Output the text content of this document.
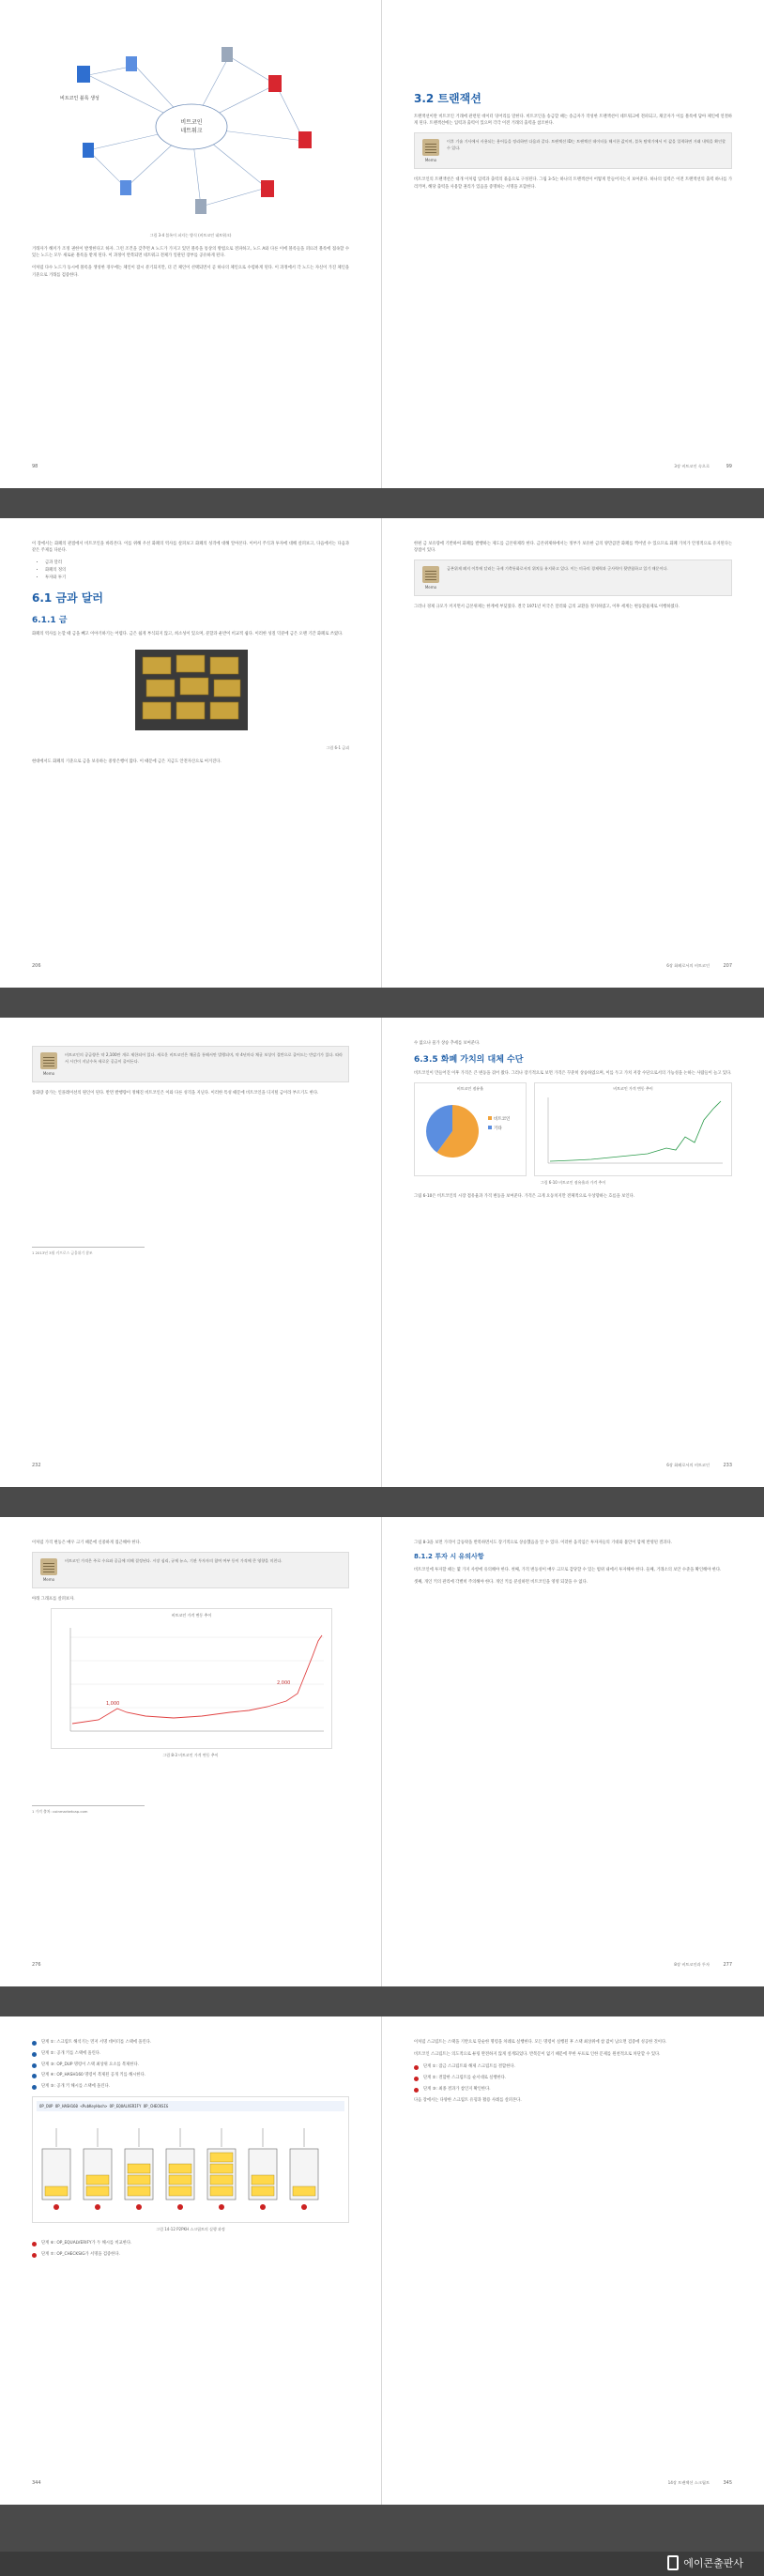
비트코인
네트워크
비트코인 블록 생성
그림 3-4 블록이 퍼지는 방식 (비트코인 네트워크)

거래자가 해커가 조정 권한이 발생한다고 하자. 그런 조건을 갖추면 A 노드가 가지고 있던 블록을 통상의 방법으로 전파하고, 노드 A와 다른 이에 블록들을 퍼뜨려 블록에 접속할 수 있는 노드는 모두 새로운 블록을 받게 된다. 이 과정이 반복되면 네트워크 전체가 일관된 장부를 공유하게 된다.

이처럼 다수 노드가 동시에 블록을 생성한 경우에는 체인이 잠시 분기되지만, 더 긴 체인이 선택되면서 곧 하나의 체인으로 수렴하게 된다. 이 과정에서 각 노드는 자신이 가진 체인을 기준으로 거래를 검증한다.

98
3.2 트랜잭션

트랜잭션이란 비트코인 거래에 관련된 데이터 덩어리를 말한다. 비트코인을 송금할 때는 송금자가 작성한 트랜잭션이 네트워크에 전파되고, 채굴자가 이를 블록에 담아 체인에 연결하게 된다. 트랜잭션에는 입력과 출력이 있으며 각각 이전 거래의 출력을 참조한다.

Memo
이후 기술 기사에서 사용되는 용어들을 정리하면 다음과 같다. 트랜잭션 ID는 트랜잭션 데이터를 해시한 값이며, 블록 탐색기에서 이 값을 입력하면 거래 내역을 확인할 수 있다.

비트코인의 트랜잭션은 대개 이처럼 입력과 출력의 묶음으로 구성된다. 그림 3-5는 하나의 트랜잭션이 어떻게 만들어지는지 보여준다. 하나의 입력은 이전 트랜잭션의 출력 하나를 가리키며, 해당 출력을 사용할 권리가 있음을 증명하는 서명을 포함한다.

3장 비트코인 속으로	99

이 장에서는 화폐의 관점에서 비트코인을 바라본다. 이를 위해 우선 화폐의 역사를 살펴보고 화폐의 성격에 대해 알아본다. 이어서 주식과 투자에 대해 살펴보고, 다음에서는 다음과 같은 주제를 다룬다.

• 금과 달러
• 화폐의 정의
• 투자와 투기
6.1 금과 달러
6.1.1 금

화폐의 역사를 논할 때 금을 빼고 이야기하기는 어렵다. 금은 쉽게 부식되지 않고, 희소성이 있으며, 분할과 운반이 비교적 쉽다. 이러한 성질 덕분에 금은 오랜 기간 화폐로 쓰였다.

그림 6-1 금괴

현대에서도 화폐의 기준으로 금을 보유하는 중앙은행이 많다. 이 때문에 금은 지금도 안전자산으로 여겨진다.

206

한편 금 보유량에 기반하여 화폐를 발행하는 제도를 금본위제라 한다. 금본위제하에서는 정부가 보유한 금의 양만큼만 화폐를 찍어낼 수 있으므로 화폐 가치가 안정적으로 유지된다는 장점이 있다.

Memo
금본위제 폐지 이후에 달러는 국제 기축통화로서의 위치를 유지하고 있다. 이는 미국의 경제력과 군사력이 뒷받침하고 있기 때문이다.

그러나 경제 규모가 커지면서 금본위제는 한계에 부딪혔다. 결국 1971년 미국은 달러와 금의 교환을 정지하였고, 이후 세계는 변동환율제로 이행하였다.

6장 화폐로서의 비트코인	207
Memo
비트코인의 공급량은 약 2,100만 개로 제한되어 있다. 새로운 비트코인은 채굴을 통해서만 발행되며, 약 4년마다 채굴 보상이 절반으로 줄어드는 반감기가 있다. 따라서 시간이 지날수록 새로운 공급이 줄어든다.

통화량 증가는 인플레이션의 원인이 된다. 반면 발행량이 정해진 비트코인은 이와 다른 성격을 지닌다. 이러한 특성 때문에 비트코인을 디지털 금이라 부르기도 한다.

1 2013년 3월 키프로스 금융위기 참조
232

수 없으나 물가 상승 추세를 보여준다.

6.3.5 화폐 가치의 대체 수단

비트코인이 만들어진 이후 가격은 큰 변동을 겪어 왔다. 그러나 장기적으로 보면 가격은 꾸준히 상승하였으며, 이를 두고 가치 저장 수단으로서의 가능성을 논하는 사람들이 늘고 있다.

비트코인 점유율
비트코인
기타
비트코인 가격 변동 추이
그림 6-10 비트코인 점유율과 가격 추이

그림 6-10은 비트코인의 시장 점유율과 가격 변동을 보여준다. 가격은 크게 요동치지만 전체적으로 우상향하는 흐름을 보인다.

6장 화폐로서의 비트코인	233

이처럼 가격 변동은 매우 크기 때문에 신중하게 접근해야 한다.

Memo
비트코인 가격은 주로 수요와 공급에 의해 결정된다. 시장 심리, 규제 뉴스, 기관 투자자의 참여 여부 등이 가격에 큰 영향을 미친다.

아래 그래프를 살펴보자.

비트코인 가격 변동 추이
1,000
2,000
그림 8-3 비트코인 가격 변동 추이
1 가격 출처: coinmarketcap.com
276

그림 8-3을 보면 가격이 급등락을 반복하면서도 장기적으로 상승했음을 알 수 있다. 이러한 움직임은 투자자들의 기대와 불안이 함께 반영된 결과다.

8.1.2 투자 시 유의사항

비트코인에 투자할 때는 몇 가지 사항에 유의해야 한다. 첫째, 가격 변동성이 매우 크므로 감당할 수 있는 범위 내에서 투자해야 한다. 둘째, 거래소의 보안 수준을 확인해야 한다.

셋째, 개인 키의 관리에 각별히 주의해야 한다. 개인 키를 분실하면 비트코인을 영영 되찾을 수 없다.

8장 비트코인과 투자	277
단계 ①: 스크립트 해석기는 먼저 서명 데이터를 스택에 올린다.
단계 ②: 공개 키를 스택에 올린다.
단계 ③: OP_DUP 명령이 스택 최상위 요소를 복제한다.
단계 ④: OP_HASH160 명령이 복제된 공개 키를 해시한다.
단계 ⑤: 공개 키 해시를 스택에 올린다.
OP_DUP OP_HASH160 <PubKeyHash> OP_EQUALVERIFY OP_CHECKSIG
그림 14-12 P2PKH 스크립트의 실행 과정
단계 ⑥: OP_EQUALVERIFY가 두 해시를 비교한다.
단계 ⑦: OP_CHECKSIG가 서명을 검증한다.
344

이처럼 스크립트는 스택을 기반으로 단순한 명령을 차례로 실행한다. 모든 명령이 실행된 후 스택 최상위에 참 값이 남으면 검증에 성공한 것이다.

비트코인 스크립트는 의도적으로 튜링 완전하지 않게 설계되었다. 반복문이 없기 때문에 무한 루프로 인한 문제를 원천적으로 차단할 수 있다.

단계 ①: 잠금 스크립트와 해제 스크립트를 결합한다.
단계 ②: 결합한 스크립트를 순서대로 실행한다.
단계 ③: 최종 결과가 참인지 확인한다.

다음 장에서는 다양한 스크립트 유형과 활용 사례를 살펴본다.

14장 트랜잭션 스크립트	345
에이콘출판사
